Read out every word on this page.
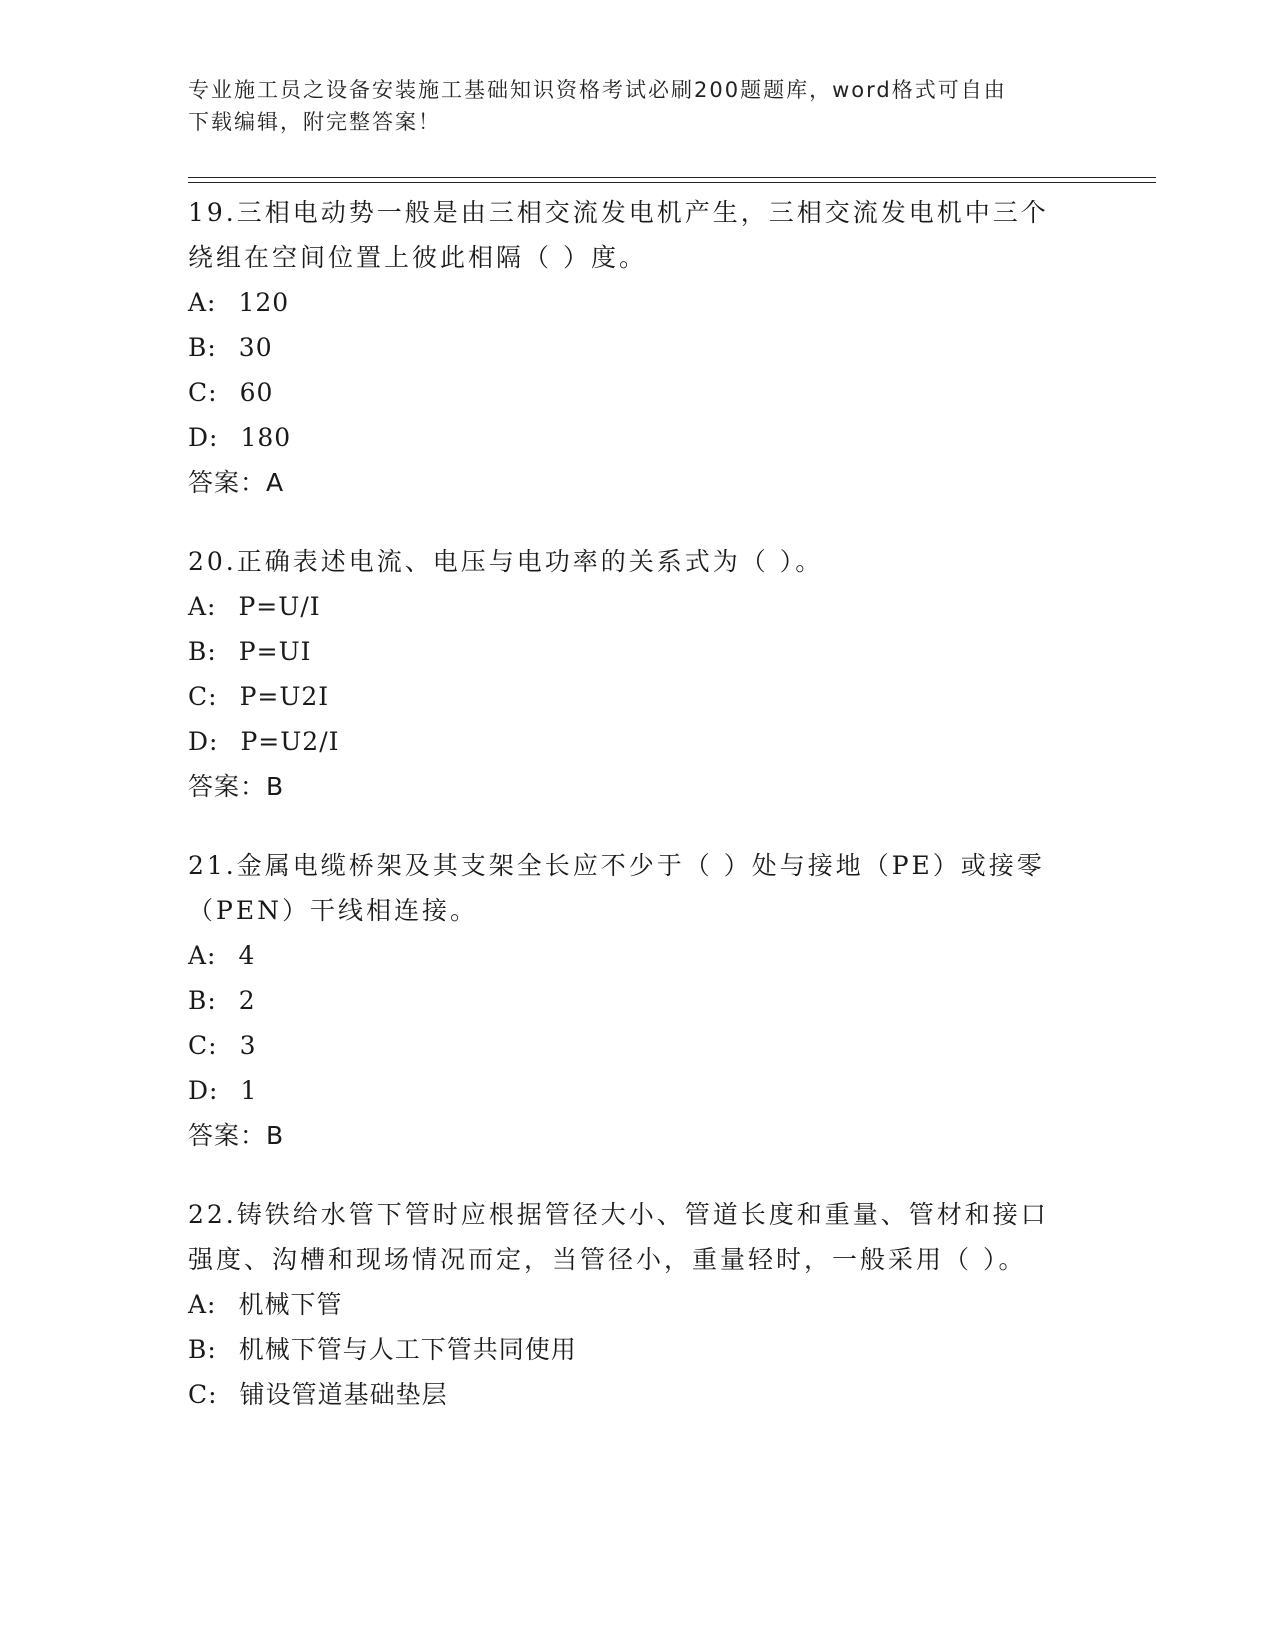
专业施工员之设备安装施工基础知识资格考试必刷200题题库，word格式可自由
下载编辑，附完整答案！

19.三相电动势一般是由三相交流发电机产生，三相交流发电机中三个

绕组在空间位置上彼此相隔（ ）度。

A: 120

B: 30

C: 60

D: 180

答案：A

20.正确表述电流、电压与电功率的关系式为（ ）。

A: P=U/I

B: P=UI

C: P=U2I

D: P=U2/I

答案：B

21.金属电缆桥架及其支架全长应不少于（ ）处与接地（PE）或接零

（PEN）干线相连接。

A: 4

B: 2

C: 3

D: 1

答案：B

22.铸铁给水管下管时应根据管径大小、管道长度和重量、管材和接口

强度、沟槽和现场情况而定，当管径小，重量轻时，一般采用（ ）。

A: 机械下管

B: 机械下管与人工下管共同使用

C: 铺设管道基础垫层
